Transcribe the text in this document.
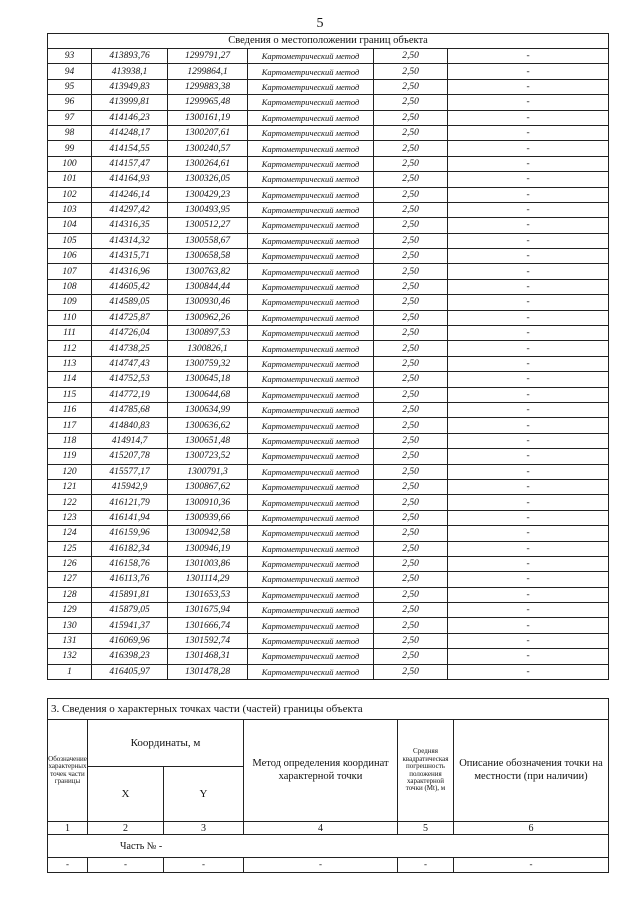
5
Сведения о местоположении границ объекта					
93	413893,76	1299791,27	Картометрический метод	2,50	-
94	413938,1	1299864,1	Картометрический метод	2,50	-
95	413949,83	1299883,38	Картометрический метод	2,50	-
96	413999,81	1299965,48	Картометрический метод	2,50	-
97	414146,23	1300161,19	Картометрический метод	2,50	-
98	414248,17	1300207,61	Картометрический метод	2,50	-
99	414154,55	1300240,57	Картометрический метод	2,50	-
100	414157,47	1300264,61	Картометрический метод	2,50	-
101	414164,93	1300326,05	Картометрический метод	2,50	-
102	414246,14	1300429,23	Картометрический метод	2,50	-
103	414297,42	1300493,95	Картометрический метод	2,50	-
104	414316,35	1300512,27	Картометрический метод	2,50	-
105	414314,32	1300558,67	Картометрический метод	2,50	-
106	414315,71	1300658,58	Картометрический метод	2,50	-
107	414316,96	1300763,82	Картометрический метод	2,50	-
108	414605,42	1300844,44	Картометрический метод	2,50	-
109	414589,05	1300930,46	Картометрический метод	2,50	-
110	414725,87	1300962,26	Картометрический метод	2,50	-
111	414726,04	1300897,53	Картометрический метод	2,50	-
112	414738,25	1300826,1	Картометрический метод	2,50	-
113	414747,43	1300759,32	Картометрический метод	2,50	-
114	414752,53	1300645,18	Картометрический метод	2,50	-
115	414772,19	1300644,68	Картометрический метод	2,50	-
116	414785,68	1300634,99	Картометрический метод	2,50	-
117	414840,83	1300636,62	Картометрический метод	2,50	-
118	414914,7	1300651,48	Картометрический метод	2,50	-
119	415207,78	1300723,52	Картометрический метод	2,50	-
120	415577,17	1300791,3	Картометрический метод	2,50	-
121	415942,9	1300867,62	Картометрический метод	2,50	-
122	416121,79	1300910,36	Картометрический метод	2,50	-
123	416141,94	1300939,66	Картометрический метод	2,50	-
124	416159,96	1300942,58	Картометрический метод	2,50	-
125	416182,34	1300946,19	Картометрический метод	2,50	-
126	416158,76	1301003,86	Картометрический метод	2,50	-
127	416113,76	1301114,29	Картометрический метод	2,50	-
128	415891,81	1301653,53	Картометрический метод	2,50	-
129	415879,05	1301675,94	Картометрический метод	2,50	-
130	415941,37	1301666,74	Картометрический метод	2,50	-
131	416069,96	1301592,74	Картометрический метод	2,50	-
132	416398,23	1301468,31	Картометрический метод	2,50	-
1	416405,97	1301478,28	Картометрический метод	2,50	-
3. Сведения о характерных точках части (частей) границы объекта					
Обозначение характерных точек части границы	Координаты, м		Метод определения координат характерной точки	Средняя квадратическая погрешность положения характерной точки (Mt), м	Описание обозначения точки на местности (при наличии)
	X	Y			
1	2	3	4	5	6
Часть № -					
-	-	-	-	-	-
